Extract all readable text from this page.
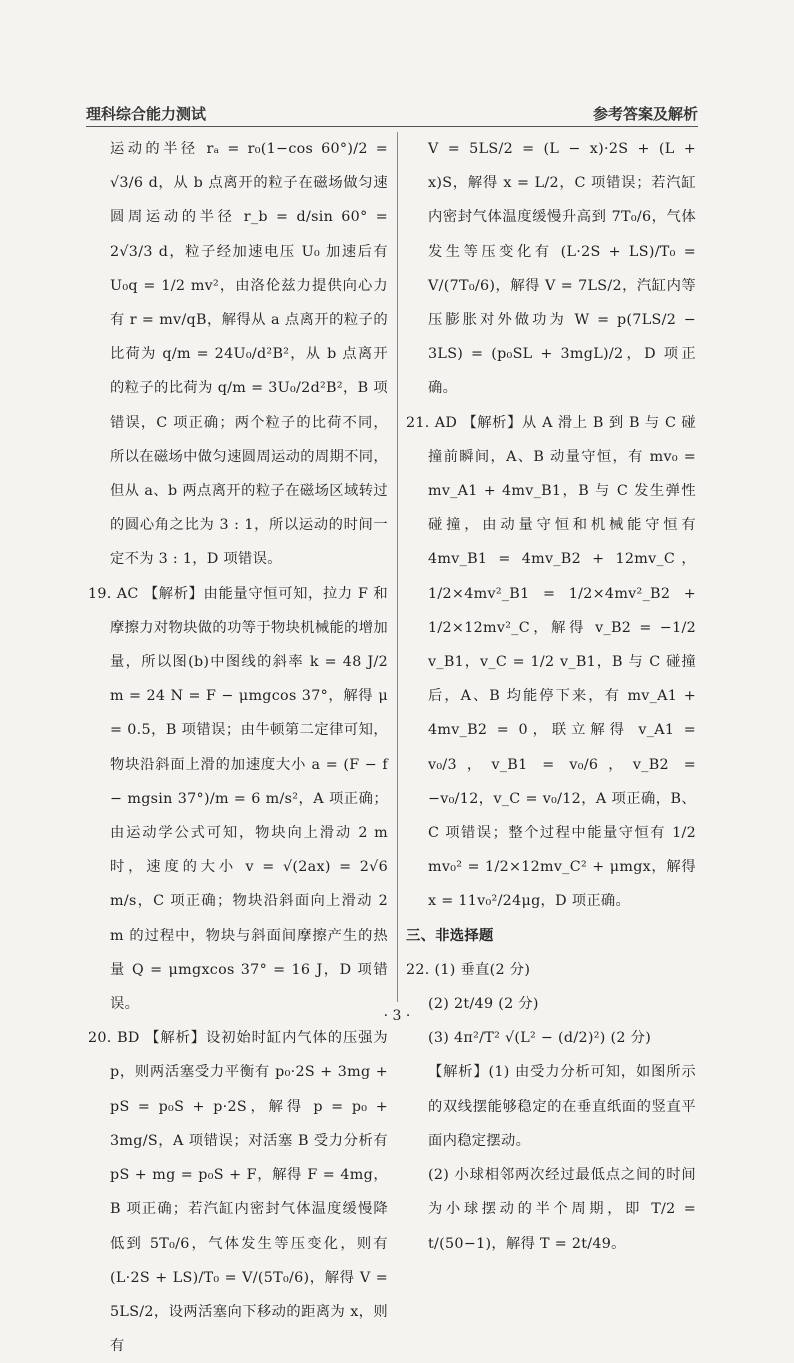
理科综合能力测试	参考答案及解析

运动的半径 rₐ = r₀(1−cos 60°)/2 = √3/6 d，从 b 点离开的粒子在磁场做匀速圆周运动的半径 r_b = d/sin 60° = 2√3/3 d，粒子经加速电压 U₀ 加速后有 U₀q = 1/2 mv²，由洛伦兹力提供向心力有 r = mv/qB，解得从 a 点离开的粒子的比荷为 q/m = 24U₀/d²B²，从 b 点离开的粒子的比荷为 q/m = 3U₀/2d²B²，B 项错误，C 项正确；两个粒子的比荷不同，所以在磁场中做匀速圆周运动的周期不同，但从 a、b 两点离开的粒子在磁场区域转过的圆心角之比为 3 : 1，所以运动的时间一定不为 3 : 1，D 项错误。

19. AC 【解析】由能量守恒可知，拉力 F 和摩擦力对物块做的功等于物块机械能的增加量，所以图(b)中图线的斜率 k = 48 J/2 m = 24 N = F − μmgcos 37°，解得 μ = 0.5，B 项错误；由牛顿第二定律可知，物块沿斜面上滑的加速度大小 a = (F − f − mgsin 37°)/m = 6 m/s²，A 项正确；由运动学公式可知，物块向上滑动 2 m 时，速度的大小 v = √(2ax) = 2√6 m/s，C 项正确；物块沿斜面向上滑动 2 m 的过程中，物块与斜面间摩擦产生的热量 Q = μmgxcos 37° = 16 J，D 项错误。

20. BD 【解析】设初始时缸内气体的压强为 p，则两活塞受力平衡有 p₀·2S + 3mg + pS = p₀S + p·2S，解得 p = p₀ + 3mg/S，A 项错误；对活塞 B 受力分析有 pS + mg = p₀S + F，解得 F = 4mg，B 项正确；若汽缸内密封气体温度缓慢降低到 5T₀/6，气体发生等压变化，则有 (L·2S + LS)/T₀ = V/(5T₀/6)，解得 V = 5LS/2，设两活塞向下移动的距离为 x，则有

V = 5LS/2 = (L − x)·2S + (L + x)S，解得 x = L/2，C 项错误；若汽缸内密封气体温度缓慢升高到 7T₀/6，气体发生等压变化有 (L·2S + LS)/T₀ = V/(7T₀/6)，解得 V = 7LS/2，汽缸内等压膨胀对外做功为 W = p(7LS/2 − 3LS) = (p₀SL + 3mgL)/2，D 项正确。

21. AD 【解析】从 A 滑上 B 到 B 与 C 碰撞前瞬间，A、B 动量守恒，有 mv₀ = mv_A1 + 4mv_B1，B 与 C 发生弹性碰撞，由动量守恒和机械能守恒有 4mv_B1 = 4mv_B2 + 12mv_C，1/2×4mv²_B1 = 1/2×4mv²_B2 + 1/2×12mv²_C，解得 v_B2 = −1/2 v_B1，v_C = 1/2 v_B1，B 与 C 碰撞后，A、B 均能停下来，有 mv_A1 + 4mv_B2 = 0，联立解得 v_A1 = v₀/3，v_B1 = v₀/6，v_B2 = −v₀/12，v_C = v₀/12，A 项正确，B、C 项错误；整个过程中能量守恒有 1/2 mv₀² = 1/2×12mv_C² + μmgx，解得 x = 11v₀²/24μg，D 项正确。

三、非选择题

22. (1) 垂直(2 分)

(2) 2t/49 (2 分)

(3) 4π²/T² √(L² − (d/2)²) (2 分)

【解析】(1) 由受力分析可知，如图所示的双线摆能够稳定的在垂直纸面的竖直平面内稳定摆动。

(2) 小球相邻两次经过最低点之间的时间为小球摆动的半个周期，即 T/2 = t/(50−1)，解得 T = 2t/49。

· 3 ·
